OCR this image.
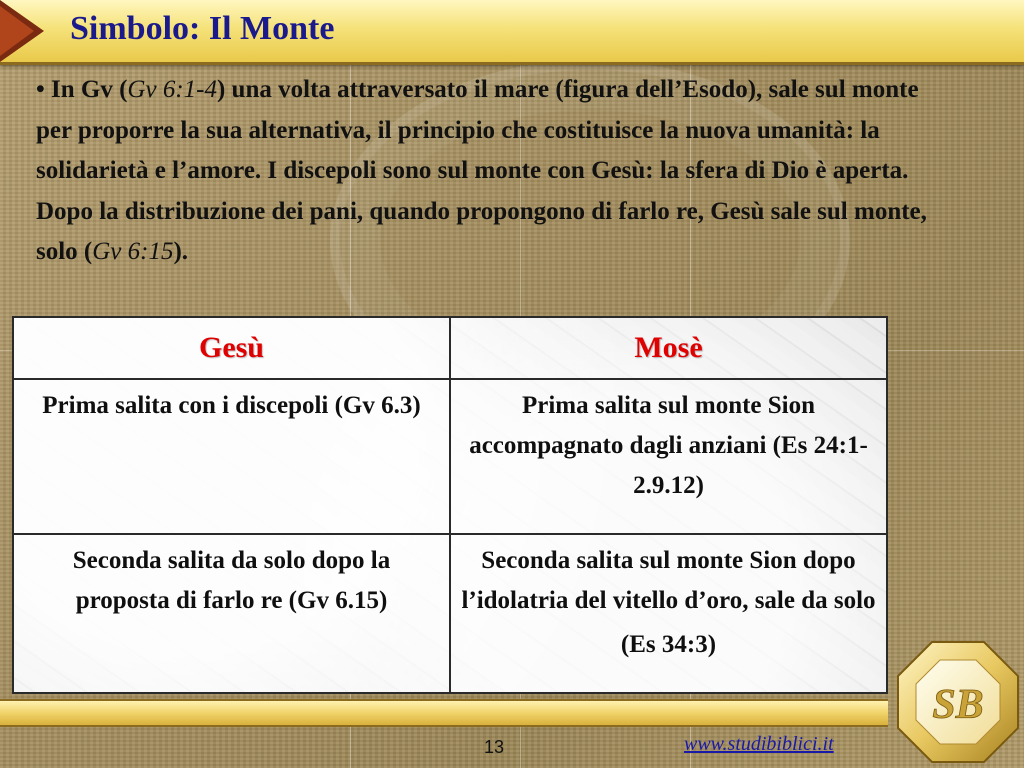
Simbolo: Il Monte
• In Gv (Gv 6:1-4) una volta attraversato il mare (figura dell’Esodo), sale sul monte per proporre la sua alternativa, il principio che costituisce la nuova umanità: la solidarietà e l’amore. I discepoli sono sul monte con Gesù: la sfera di Dio è aperta. Dopo la distribuzione dei pani, quando propongono di farlo re, Gesù sale sul monte, solo (Gv 6:15).
Gesù	Mosè
Prima salita con i discepoli (Gv 6.3)	Prima salita sul monte Sion accompagnato dagli anziani (Es 24:1-2.9.12)
Seconda salita da solo dopo la proposta di farlo re (Gv 6.15)	Seconda salita sul monte Sion dopo l’idolatria del vitello d’oro, sale da solo
(Es 34:3)
13	www.studibiblici.it
SB
